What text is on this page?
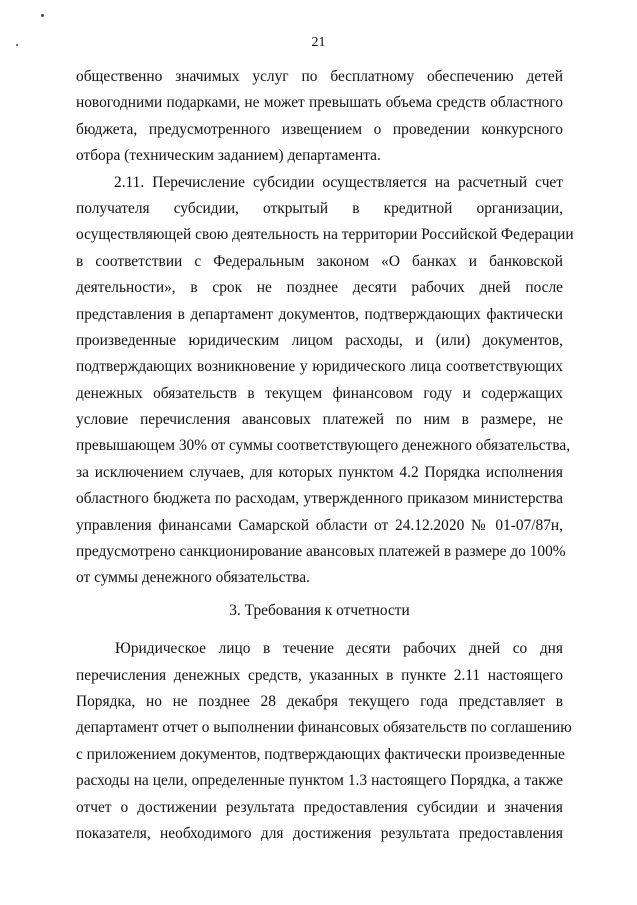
21
общественно значимых услуг по бесплатному обеспечению детей
новогодними подарками, не может превышать объема средств областного
бюджета, предусмотренного извещением о проведении конкурсного
отбора (техническим заданием) департамента.
2.11. Перечисление субсидии осуществляется на расчетный счет
получателя субсидии, открытый в кредитной организации,
осуществляющей свою деятельность на территории Российской Федерации
в соответствии с Федеральным законом «О банках и банковской
деятельности», в срок не позднее десяти рабочих дней после
представления в департамент документов, подтверждающих фактически
произведенные юридическим лицом расходы, и (или) документов,
подтверждающих возникновение у юридического лица соответствующих
денежных обязательств в текущем финансовом году и содержащих
условие перечисления авансовых платежей по ним в размере, не
превышающем 30% от суммы соответствующего денежного обязательства,
за исключением случаев, для которых пунктом 4.2 Порядка исполнения
областного бюджета по расходам, утвержденного приказом министерства
управления финансами Самарской области от 24.12.2020 № 01-07/87н,
предусмотрено санкционирование авансовых платежей в размере до 100%
от суммы денежного обязательства.
3. Требования к отчетности
Юридическое лицо в течение десяти рабочих дней со дня
перечисления денежных средств, указанных в пункте 2.11 настоящего
Порядка, но не позднее 28 декабря текущего года представляет в
департамент отчет о выполнении финансовых обязательств по соглашению
с приложением документов, подтверждающих фактически произведенные
расходы на цели, определенные пунктом 1.3 настоящего Порядка, а также
отчет о достижении результата предоставления субсидии и значения
показателя, необходимого для достижения результата предоставления
